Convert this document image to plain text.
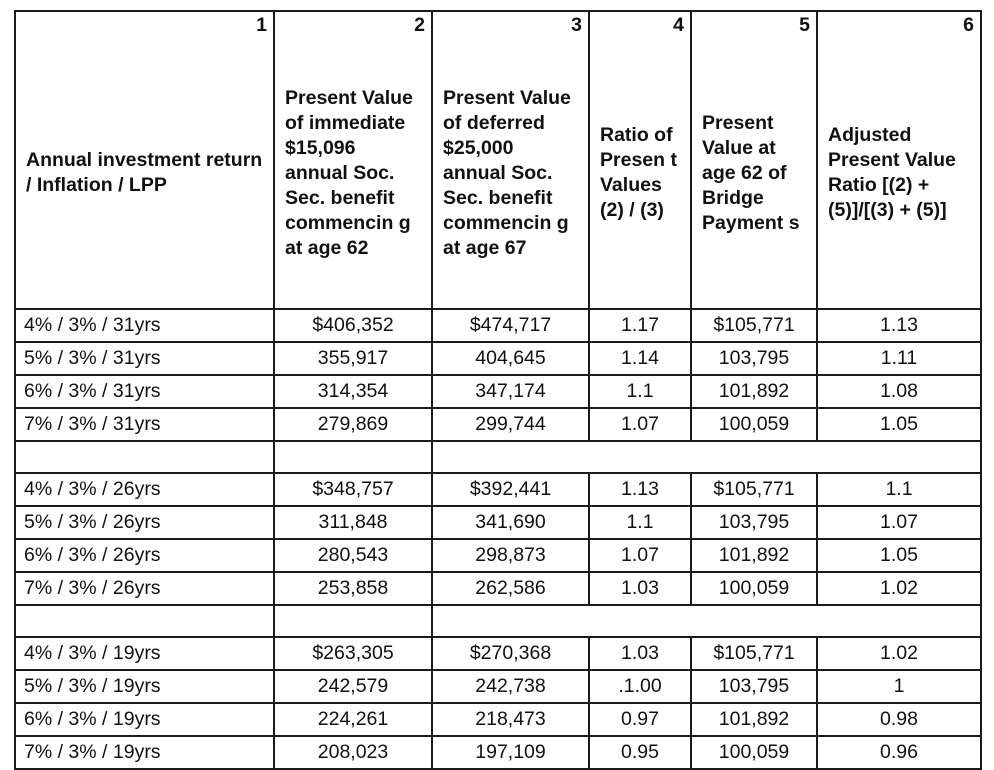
1	2	3	4	5	6
Annual investment return / Inflation / LPP	Present Value of immediate $15,096 annual Soc. Sec. benefit commencin g at age 62	Present Value of deferred $25,000 annual Soc. Sec. benefit commencin g at age 67	Ratio of Presen t Values (2) / (3)	Present Value at age 62 of Bridge Payment s	Adjusted Present Value Ratio [(2) + (5)]/[(3) + (5)]
4% / 3% / 31yrs	$406,352	$474,717	1.17	$105,771	1.13
5% / 3% / 31yrs	355,917	404,645	1.14	103,795	1.11
6% / 3% / 31yrs	314,354	347,174	1.1	101,892	1.08
7% / 3% / 31yrs	279,869	299,744	1.07	100,059	1.05

4% / 3% / 26yrs	$348,757	$392,441	1.13	$105,771	1.1
5% / 3% / 26yrs	311,848	341,690	1.1	103,795	1.07
6% / 3% / 26yrs	280,543	298,873	1.07	101,892	1.05
7% / 3% / 26yrs	253,858	262,586	1.03	100,059	1.02

4% / 3% / 19yrs	$263,305	$270,368	1.03	$105,771	1.02
5% / 3% / 19yrs	242,579	242,738	.1.00	103,795	1
6% / 3% / 19yrs	224,261	218,473	0.97	101,892	0.98
7% / 3% / 19yrs	208,023	197,109	0.95	100,059	0.96
